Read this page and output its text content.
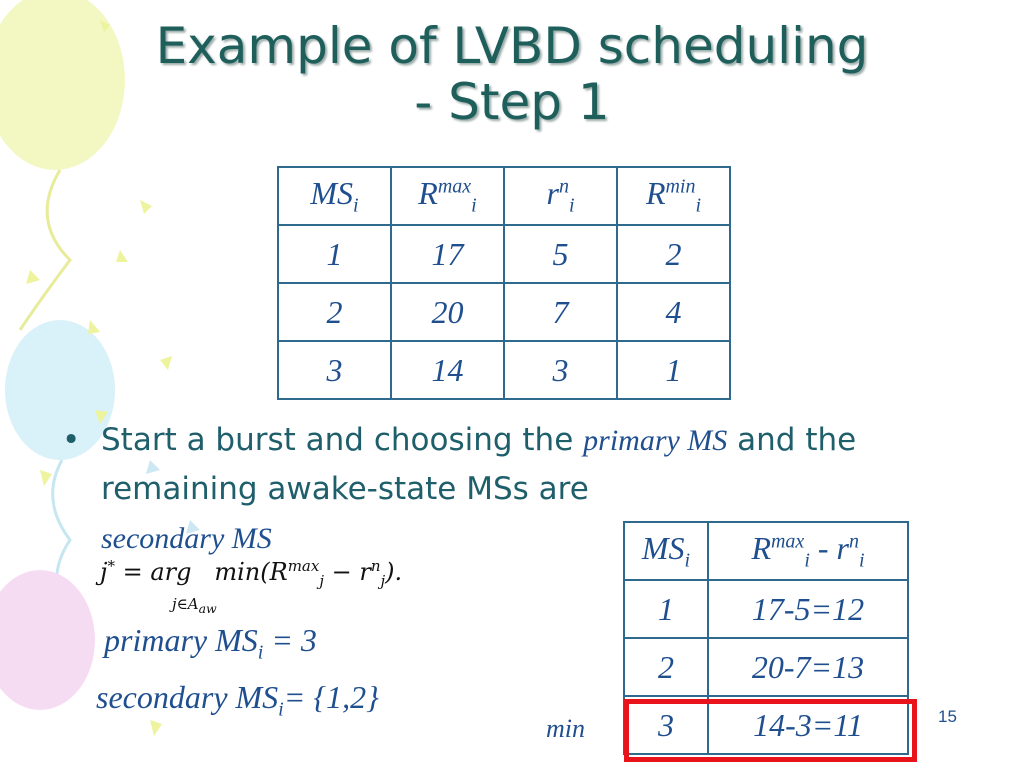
Example of LVBD scheduling
- Step 1
$MS_i$	$R^{max}_i$	$r^n_i$	$R^{min}_i$
1	17	5	2
2	20	7	4
3	14	3	1
• Start a burst and choosing the primary MS and the remaining awake-state MSs are
secondary MS
j* = arg $\min(R^{max}_j - r^n_j)$.
$j\in A_{aw}$
primary $MS_i = 3$
secondary $MS_i= \{1,2\}$
$MS_i$	$R^{max}_i - r^n_i$
1	17-5=12
2	20-7=13
3	14-3=11
min	15
